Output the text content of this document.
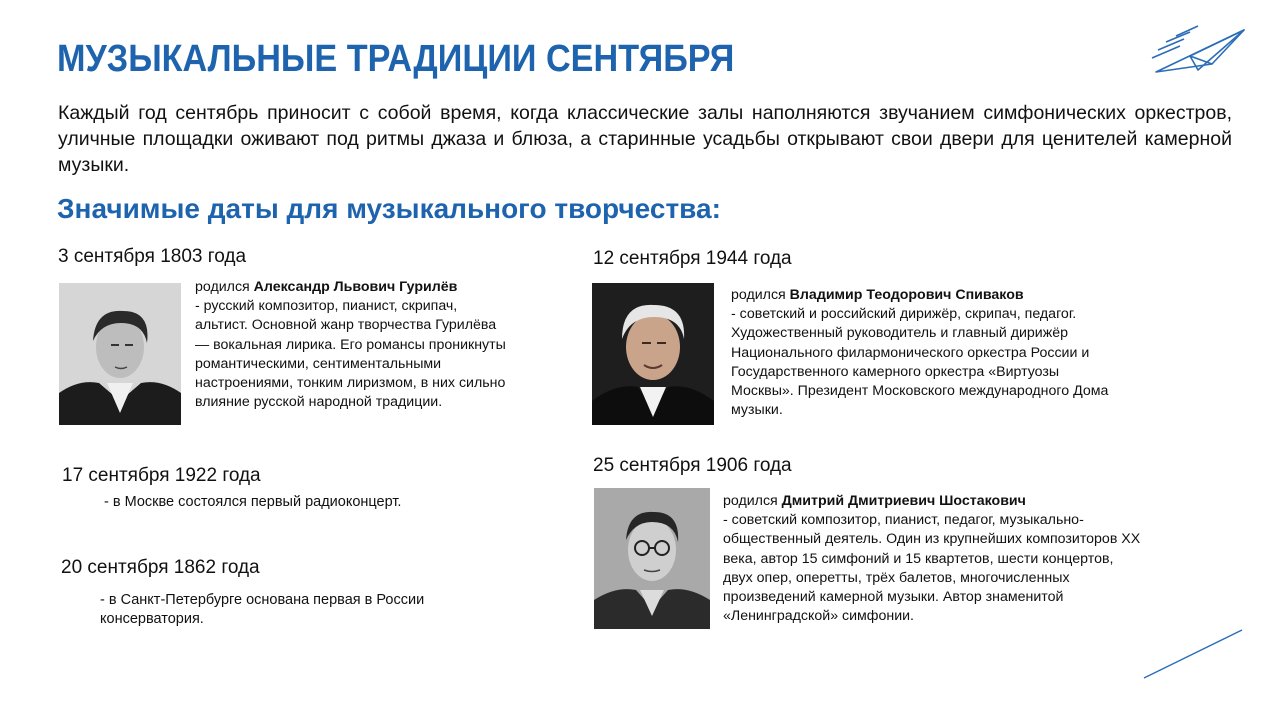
МУЗЫКАЛЬНЫЕ ТРАДИЦИИ СЕНТЯБРЯ

Каждый год сентябрь приносит с собой время, когда классические залы наполняются звучанием симфонических оркестров, уличные площадки оживают под ритмы джаза и блюза, а старинные усадьбы открывают свои двери для ценителей камерной музыки.

Значимые даты для музыкального творчества:

3 сентября 1803 года

родился Александр Львович Гурилёв
- русский композитор, пианист, скрипач, альтист. Основной жанр творчества Гурилёва — вокальная лирика. Его романсы проникнуты романтическими, сентиментальными настроениями, тонким лиризмом, в них сильно влияние русской народной традиции.

17 сентября 1922 года

- в Москве состоялся первый радиоконцерт.

20 сентября 1862 года

- в Санкт-Петербурге основана первая в России консерватория.

12 сентября 1944 года

родился Владимир Теодорович Спиваков
- советский и российский дирижёр, скрипач, педагог. Художественный руководитель и главный дирижёр Национального филармонического оркестра России и Государственного камерного оркестра «Виртуозы Москвы». Президент Московского международного Дома музыки.

25 сентября 1906 года

родился Дмитрий Дмитриевич Шостакович
- советский композитор, пианист, педагог, музыкально-общественный деятель. Один из крупнейших композиторов XX века, автор 15 симфоний и 15 квартетов, шести концертов, двух опер, оперетты, трёх балетов, многочисленных произведений камерной музыки. Автор знаменитой «Ленинградской» симфонии.
